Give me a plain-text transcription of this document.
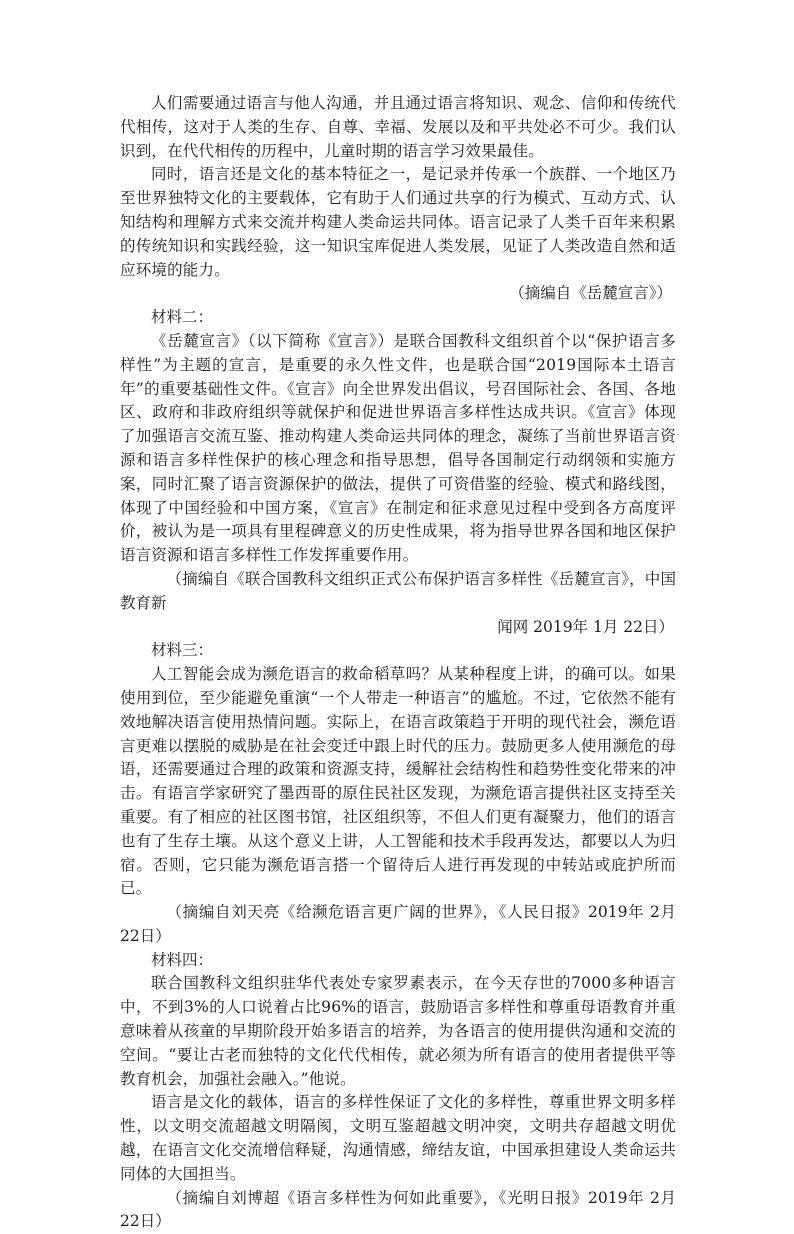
人们需要通过语言与他人沟通，并且通过语言将知识、观念、信仰和传统代代相传，这对于人类的生存、自尊、幸福、发展以及和平共处必不可少。我们认识到，在代代相传的历程中，儿童时期的语言学习效果最佳。

同时，语言还是文化的基本特征之一，是记录并传承一个族群、一个地区乃至世界独特文化的主要载体，它有助于人们通过共享的行为模式、互动方式、认知结构和理解方式来交流并构建人类命运共同体。语言记录了人类千百年来积累的传统知识和实践经验，这一知识宝库促进人类发展，见证了人类改造自然和适应环境的能力。

（摘编自《岳麓宣言》）

材料二：

《岳麓宣言》（以下简称《宣言》）是联合国教科文组织首个以“保护语言多样性”为主题的宣言，是重要的永久性文件，也是联合国“2019国际本土语言年”的重要基础性文件。《宣言》向全世界发出倡议，号召国际社会、各国、各地区、政府和非政府组织等就保护和促进世界语言多样性达成共识。《宣言》体现了加强语言交流互鉴、推动构建人类命运共同体的理念，凝练了当前世界语言资源和语言多样性保护的核心理念和指导思想，倡导各国制定行动纲领和实施方案，同时汇聚了语言资源保护的做法，提供了可资借鉴的经验、模式和路线图，体现了中国经验和中国方案，《宣言》在制定和征求意见过程中受到各方高度评价，被认为是一项具有里程碑意义的历史性成果，将为指导世界各国和地区保护语言资源和语言多样性工作发挥重要作用。

（摘编自《联合国教科文组织正式公布保护语言多样性《岳麓宣言》，中国教育新

闻网 2019年 1月 22日）

材料三：

人工智能会成为濒危语言的救命稻草吗？从某种程度上讲，的确可以。如果使用到位，至少能避免重演“一个人带走一种语言”的尴尬。不过，它依然不能有效地解决语言使用热情问题。实际上，在语言政策趋于开明的现代社会，濒危语言更难以摆脱的威胁是在社会变迁中跟上时代的压力。鼓励更多人使用濒危的母语，还需要通过合理的政策和资源支持，缓解社会结构性和趋势性变化带来的冲击。有语言学家研究了墨西哥的原住民社区发现，为濒危语言提供社区支持至关重要。有了相应的社区图书馆，社区组织等，不但人们更有凝聚力，他们的语言也有了生存土壤。从这个意义上讲，人工智能和技术手段再发达，都要以人为归宿。否则，它只能为濒危语言搭一个留待后人进行再发现的中转站或庇护所而已。

（摘编自刘天亮《给濒危语言更广阔的世界》，《人民日报》2019年 2月 22日）

材料四：

联合国教科文组织驻华代表处专家罗素表示，在今天存世的7000多种语言中，不到3%的人口说着占比96%的语言，鼓励语言多样性和尊重母语教育并重意味着从孩童的早期阶段开始多语言的培养，为各语言的使用提供沟通和交流的空间。“要让古老而独特的文化代代相传，就必须为所有语言的使用者提供平等教育机会，加强社会融入。”他说。

语言是文化的载体，语言的多样性保证了文化的多样性，尊重世界文明多样性，以文明交流超越文明隔阂，文明互鉴超越文明冲突，文明共存超越文明优越，在语言文化交流增信释疑，沟通情感，缔结友谊，中国承担建设人类命运共同体的大国担当。

（摘编自刘博超《语言多样性为何如此重要》，《光明日报》2019年 2月 22日）
